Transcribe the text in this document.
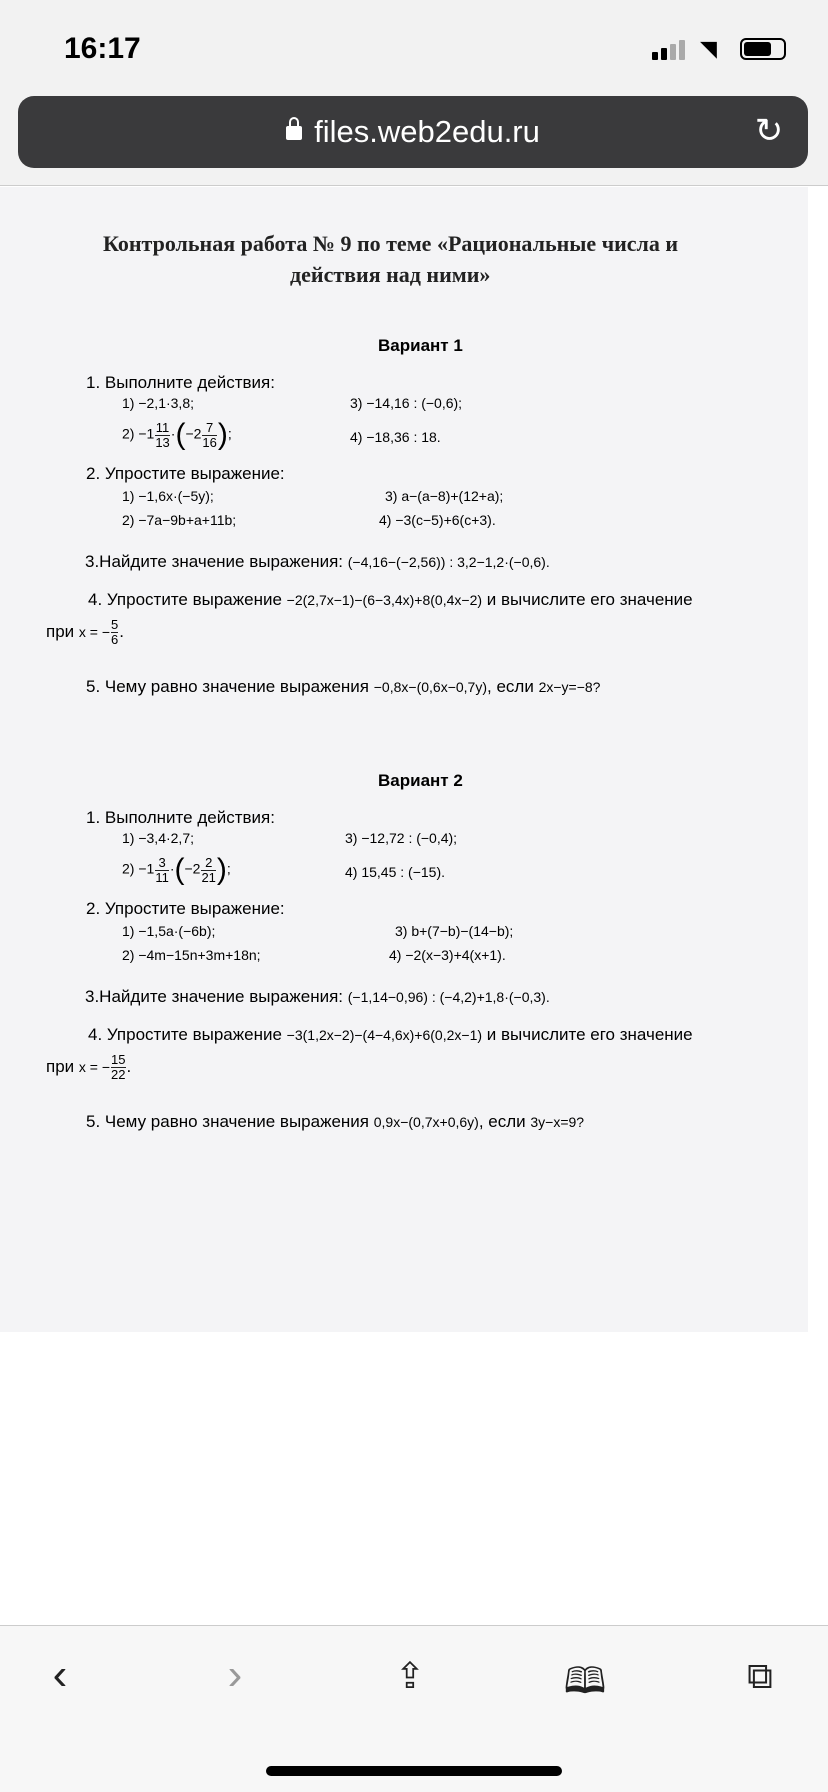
16:17	◥
files.web2edu.ru	↻
Контрольная работа № 9 по теме «Рациональные числа и
действия над ними»
Вариант 1
1. Выполните действия:
1) −2,1·3,8;	3) −14,16 : (−0,6);
$2) -1 \frac{11}{13} \cdot(-2 \frac{7}{16}$ );	4) −18,36 : 18.
2. Упростите выражение:
1) −1,6x·(−5y);	3) a−(a−8)+(12+a);
2) −7a−9b+a+11b;	4) −3(c−5)+6(c+3).
3.Найдите значение выражения: (−4,16−(−2,56)) : 3,2−1,2·(−0,6).
4. Упростите выражение −2(2,7x−1)−(6−3,4x)+8(0,4x−2) и вычислите его значение
при x = − $\frac{5}{6}$ .
5. Чему равно значение выражения −0,8x−(0,6x−0,7y), если 2x−y=−8?
Вариант 2
1. Выполните действия:
1) −3,4·2,7;	3) −12,72 : (−0,4);
$2) -1 \frac{3}{11} \cdot(-2 \frac{2}{21}$ );	4) 15,45 : (−15).
2. Упростите выражение:
1) −1,5a·(−6b);	3) b+(7−b)−(14−b);
2) −4m−15n+3m+18n;	4) −2(x−3)+4(x+1).
3.Найдите значение выражения: (−1,14−0,96) : (−4,2)+1,8·(−0,3).
4. Упростите выражение −3(1,2x−2)−(4−4,6x)+6(0,2x−1) и вычислите его значение
при x = − $\frac{15}{22}$ .
5. Чему равно значение выражения 0,9x−(0,7x+0,6y), если 3y−x=9?
‹	›	⇪	🕮	⧉
